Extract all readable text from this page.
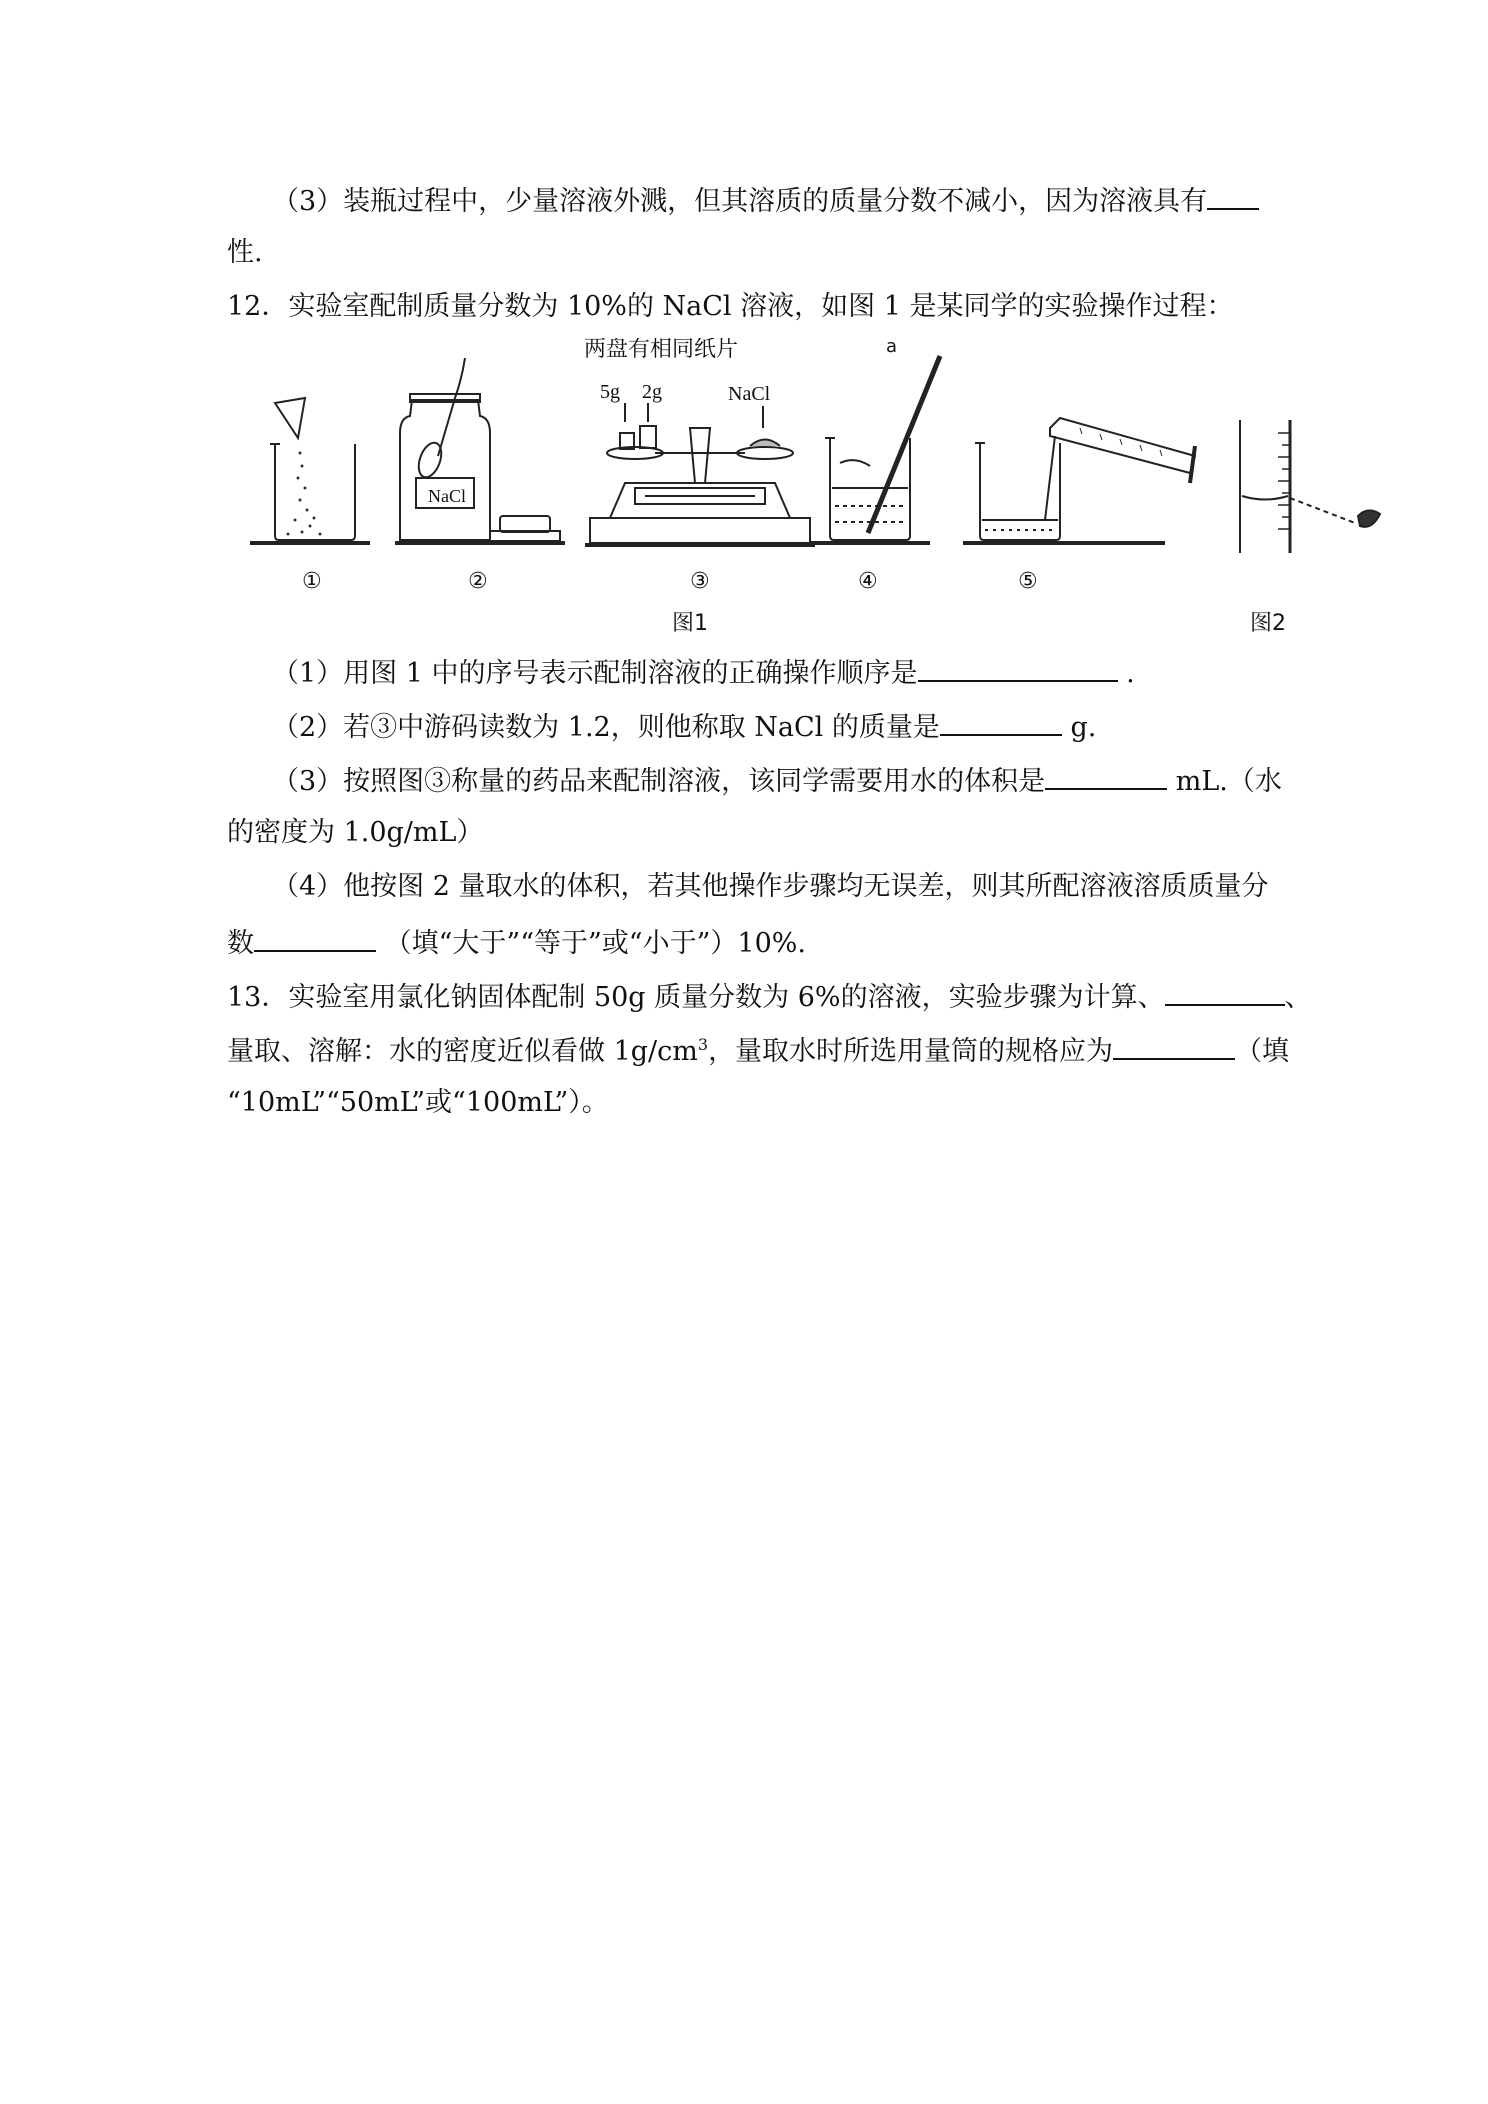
（3）装瓶过程中，少量溶液外溅，但其溶质的质量分数不减小，因为溶液具有
性.
12．实验室配制质量分数为 10%的 NaCl 溶液，如图 1 是某同学的实验操作过程：
NaCl
两盘有相同纸片
5g 2g	NaCl
a
①	②	③	④	⑤
图1	图2
（1）用图 1 中的序号表示配制溶液的正确操作顺序是	.
（2）若③中游码读数为 1.2，则他称取 NaCl 的质量是	g.
（3）按照图③称量的药品来配制溶液，该同学需要用水的体积是	mL.（水
的密度为 1.0g/mL）
（4）他按图 2 量取水的体积，若其他操作步骤均无误差，则其所配溶液溶质质量分
数	（填“大于”“等于”或“小于”）10%.
13．实验室用氯化钠固体配制 50g 质量分数为 6%的溶液，实验步骤为计算、	、
量取、溶解：水的密度近似看做 $1g/cm^3$，量取水时所选用量筒的规格应为	（填
“10mL”“50mL”或“100mL”）。
